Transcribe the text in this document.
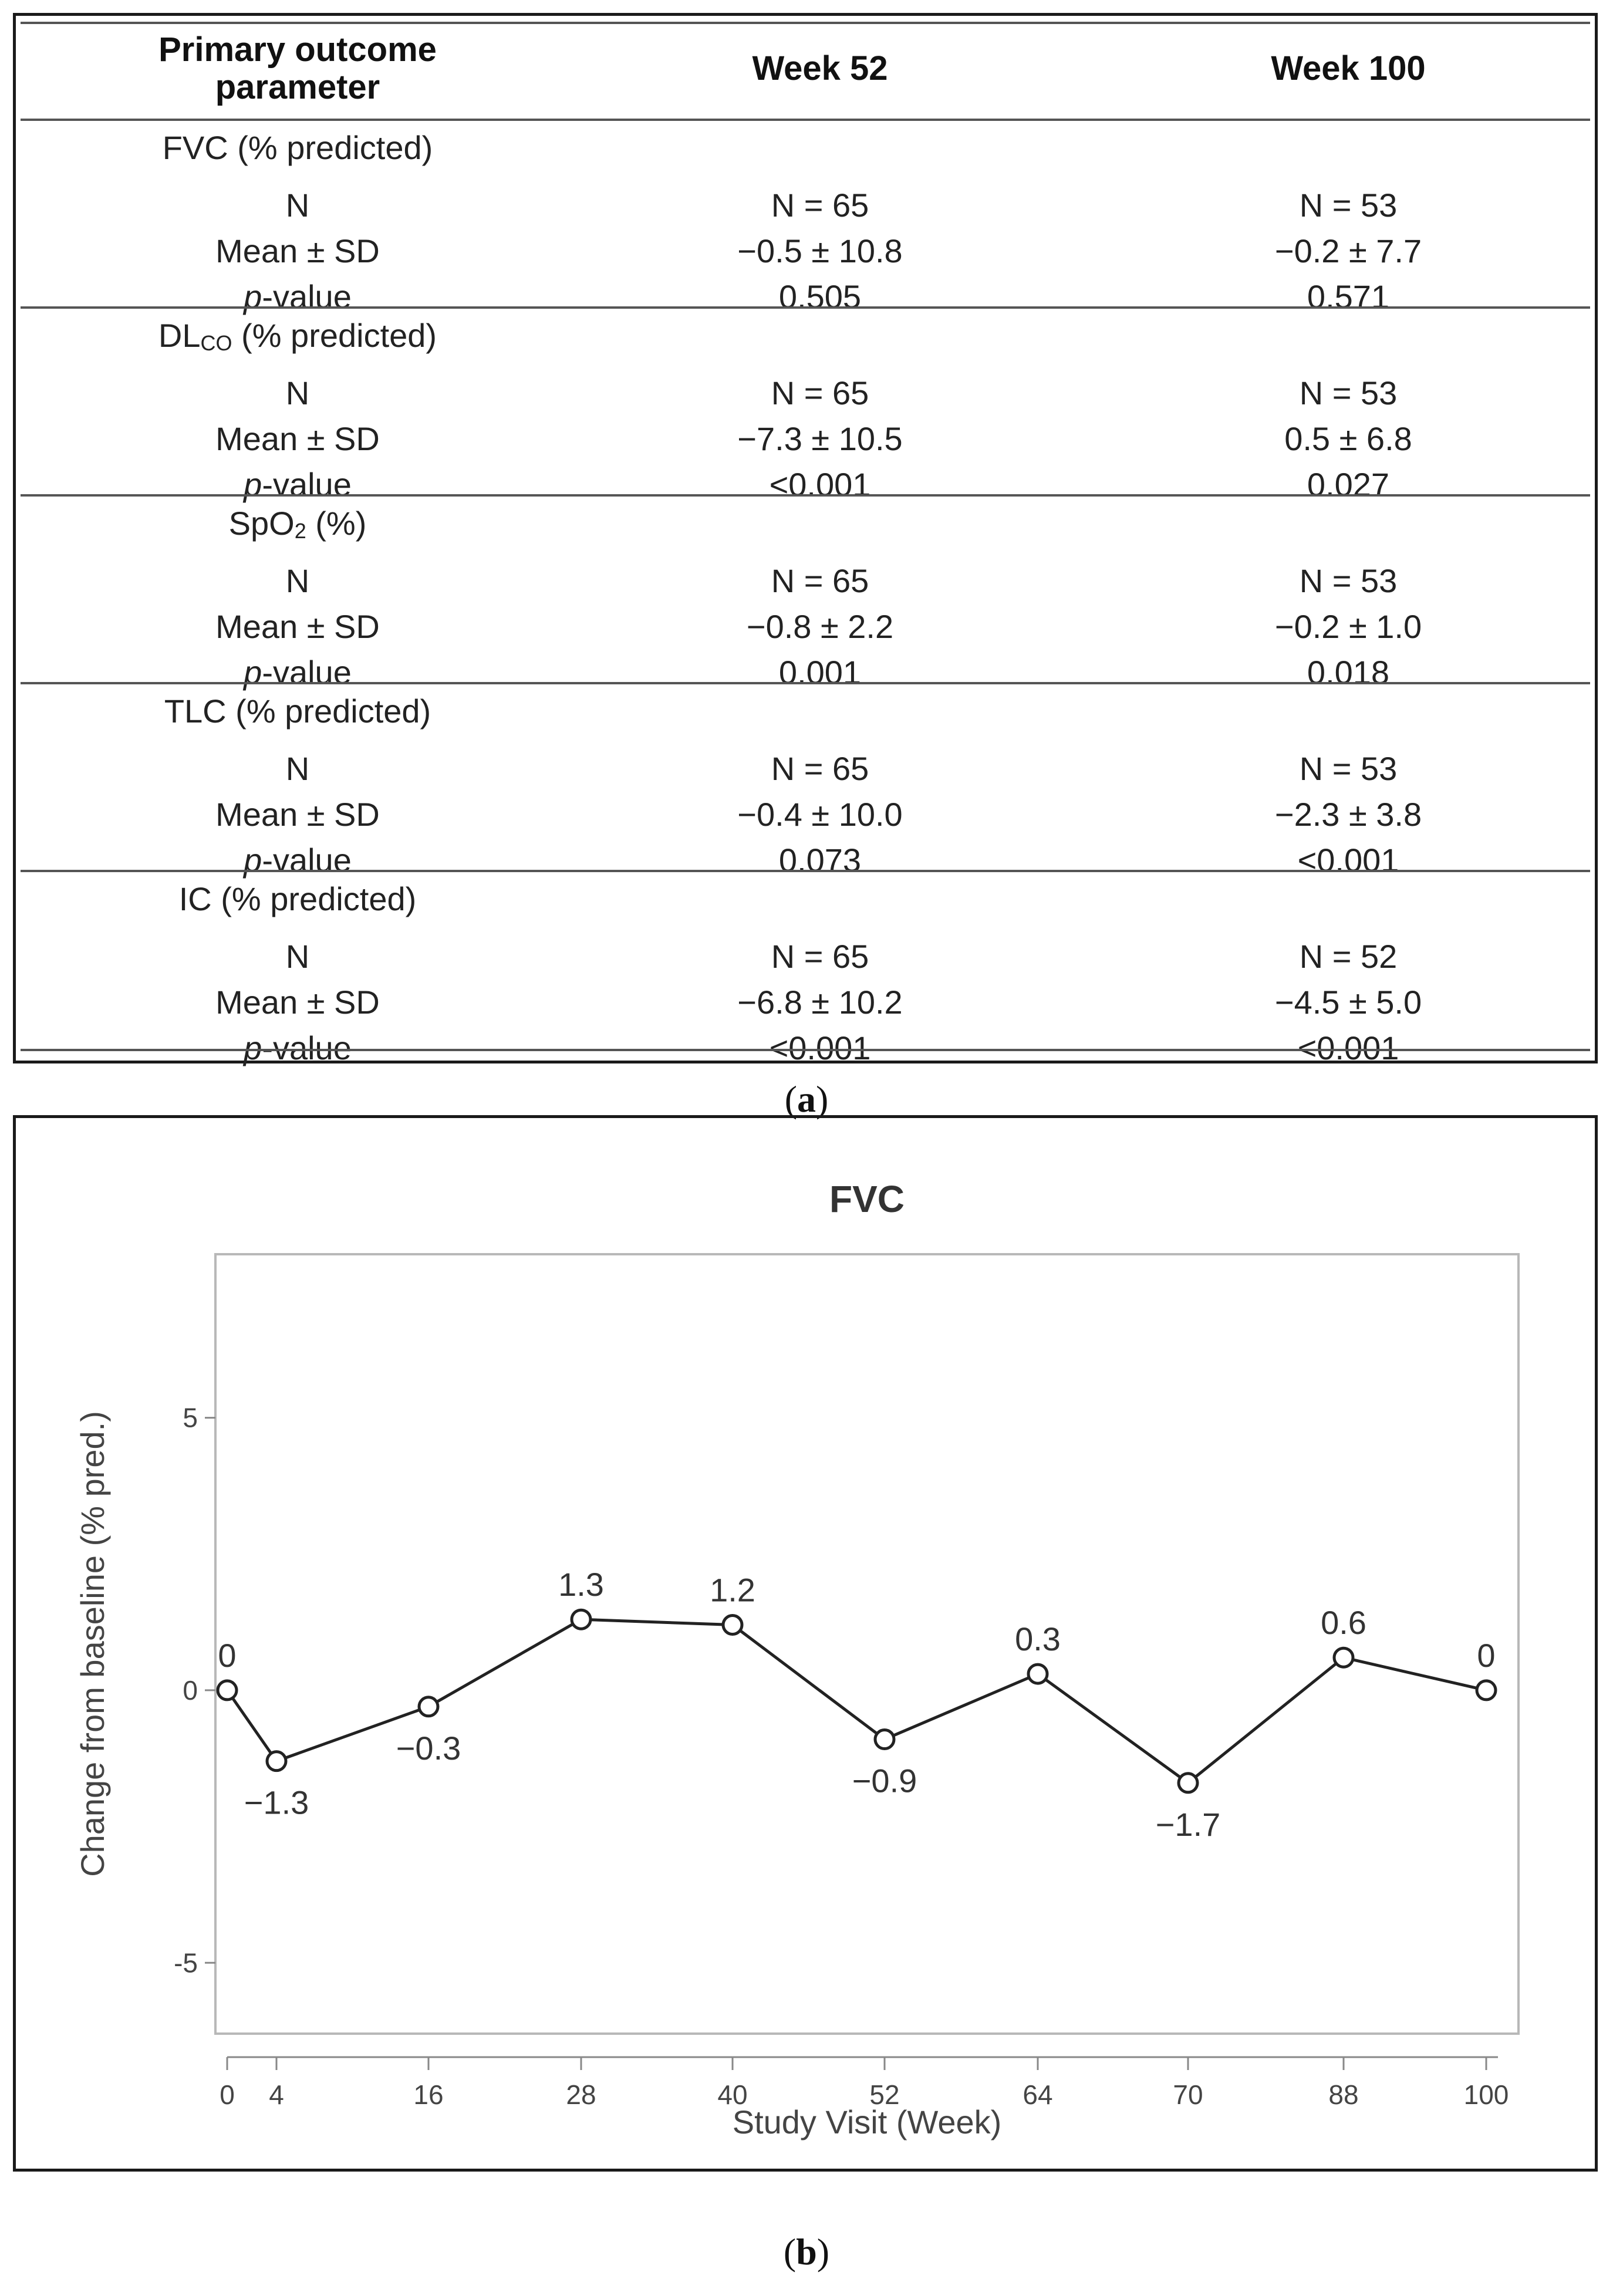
Primary outcome
parameter	Week 52	Week 100
FVC (% predicted)
N	N = 65	N = 53
Mean ± SD	−0.5 ± 10.8	−0.2 ± 7.7
p-value	0.505	0.571
DLCO (% predicted)
N	N = 65	N = 53
Mean ± SD	−7.3 ± 10.5	0.5 ± 6.8
p-value	<0.001	0.027
SpO2 (%)
N	N = 65	N = 53
Mean ± SD	−0.8 ± 2.2	−0.2 ± 1.0
p-value	0.001	0.018
TLC (% predicted)
N	N = 65	N = 53
Mean ± SD	−0.4 ± 10.0	−2.3 ± 3.8
p-value	0.073	<0.001
IC (% predicted)
N	N = 65	N = 52
Mean ± SD	−6.8 ± 10.2	−4.5 ± 5.0
p-value	<0.001	<0.001
(a)
FVC
5
0
-5
0 4	16	28	40	52	64	70	88	100
Study Visit (Week)
Change from baseline (% pred.)	0
−1.3
−0.3
1.3	1.2
−0.9
0.3
−1.7
0.6
0
(b)
